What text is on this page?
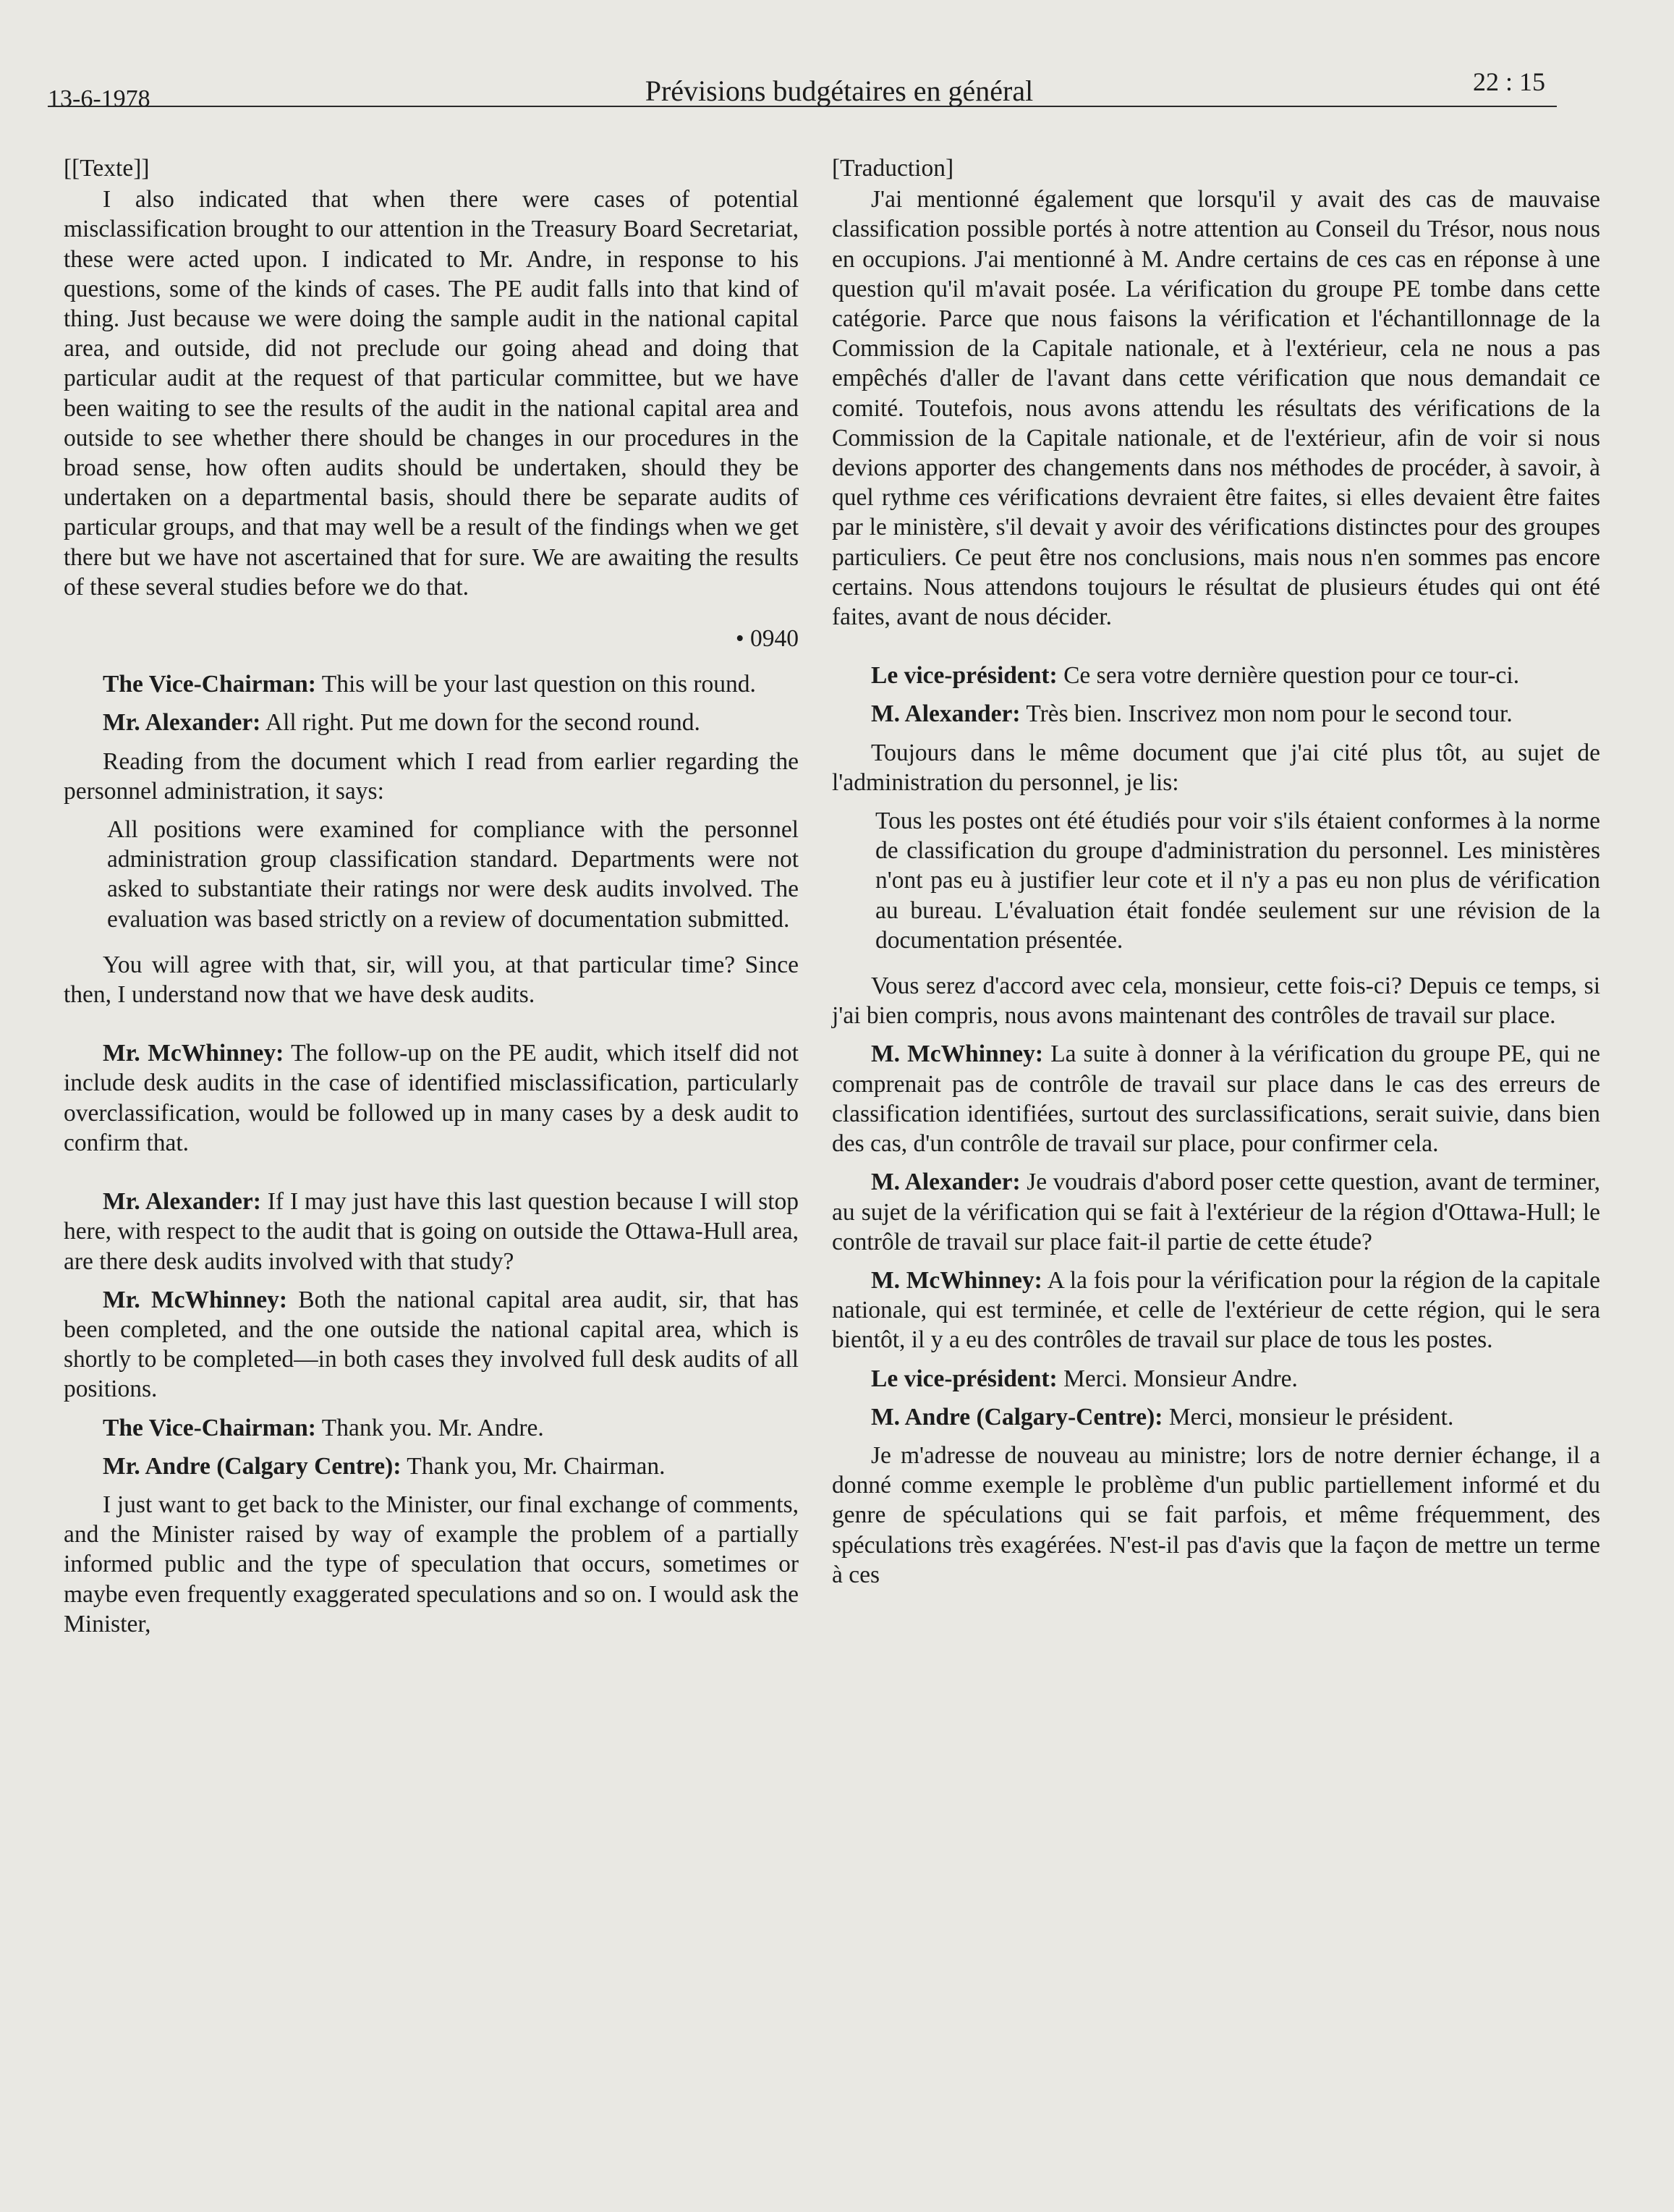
13-6-1978	Prévisions budgétaires en général	22 : 15

[[Texte]]

I also indicated that when there were cases of potential misclassification brought to our attention in the Treasury Board Secretariat, these were acted upon. I indicated to Mr. Andre, in response to his questions, some of the kinds of cases. The PE audit falls into that kind of thing. Just because we were doing the sample audit in the national capital area, and outside, did not preclude our going ahead and doing that particular audit at the request of that particular committee, but we have been waiting to see the results of the audit in the national capital area and outside to see whether there should be changes in our procedures in the broad sense, how often audits should be undertaken, should they be undertaken on a departmental basis, should there be separate audits of particular groups, and that may well be a result of the findings when we get there but we have not ascertained that for sure. We are awaiting the results of these several studies before we do that.

• 0940

The Vice-Chairman: This will be your last question on this round.

Mr. Alexander: All right. Put me down for the second round.

Reading from the document which I read from earlier regarding the personnel administration, it says:

All positions were examined for compliance with the personnel administration group classification standard. Departments were not asked to substantiate their ratings nor were desk audits involved. The evaluation was based strictly on a review of documentation submitted.

You will agree with that, sir, will you, at that particular time? Since then, I understand now that we have desk audits.

Mr. McWhinney: The follow-up on the PE audit, which itself did not include desk audits in the case of identified misclassification, particularly overclassification, would be followed up in many cases by a desk audit to confirm that.

Mr. Alexander: If I may just have this last question because I will stop here, with respect to the audit that is going on outside the Ottawa-Hull area, are there desk audits involved with that study?

Mr. McWhinney: Both the national capital area audit, sir, that has been completed, and the one outside the national capital area, which is shortly to be completed—in both cases they involved full desk audits of all positions.

The Vice-Chairman: Thank you. Mr. Andre.

Mr. Andre (Calgary Centre): Thank you, Mr. Chairman.

I just want to get back to the Minister, our final exchange of comments, and the Minister raised by way of example the problem of a partially informed public and the type of speculation that occurs, sometimes or maybe even frequently exaggerated speculations and so on. I would ask the Minister,

[Traduction]

J'ai mentionné également que lorsqu'il y avait des cas de mauvaise classification possible portés à notre attention au Conseil du Trésor, nous nous en occupions. J'ai mentionné à M. Andre certains de ces cas en réponse à une question qu'il m'avait posée. La vérification du groupe PE tombe dans cette catégorie. Parce que nous faisons la vérification et l'échantillonnage de la Commission de la Capitale nationale, et à l'extérieur, cela ne nous a pas empêchés d'aller de l'avant dans cette vérification que nous demandait ce comité. Toutefois, nous avons attendu les résultats des vérifications de la Commission de la Capitale nationale, et de l'extérieur, afin de voir si nous devions apporter des changements dans nos méthodes de procéder, à savoir, à quel rythme ces vérifications devraient être faites, si elles devaient être faites par le ministère, s'il devait y avoir des vérifications distinctes pour des groupes particuliers. Ce peut être nos conclusions, mais nous n'en sommes pas encore certains. Nous attendons toujours le résultat de plusieurs études qui ont été faites, avant de nous décider.

Le vice-président: Ce sera votre dernière question pour ce tour-ci.

M. Alexander: Très bien. Inscrivez mon nom pour le second tour.

Toujours dans le même document que j'ai cité plus tôt, au sujet de l'administration du personnel, je lis:

Tous les postes ont été étudiés pour voir s'ils étaient conformes à la norme de classification du groupe d'administration du personnel. Les ministères n'ont pas eu à justifier leur cote et il n'y a pas eu non plus de vérification au bureau. L'évaluation était fondée seulement sur une révision de la documentation présentée.

Vous serez d'accord avec cela, monsieur, cette fois-ci? Depuis ce temps, si j'ai bien compris, nous avons maintenant des contrôles de travail sur place.

M. McWhinney: La suite à donner à la vérification du groupe PE, qui ne comprenait pas de contrôle de travail sur place dans le cas des erreurs de classification identifiées, surtout des surclassifications, serait suivie, dans bien des cas, d'un contrôle de travail sur place, pour confirmer cela.

M. Alexander: Je voudrais d'abord poser cette question, avant de terminer, au sujet de la vérification qui se fait à l'extérieur de la région d'Ottawa-Hull; le contrôle de travail sur place fait-il partie de cette étude?

M. McWhinney: A la fois pour la vérification pour la région de la capitale nationale, qui est terminée, et celle de l'extérieur de cette région, qui le sera bientôt, il y a eu des contrôles de travail sur place de tous les postes.

Le vice-président: Merci. Monsieur Andre.

M. Andre (Calgary-Centre): Merci, monsieur le président.

Je m'adresse de nouveau au ministre; lors de notre dernier échange, il a donné comme exemple le problème d'un public partiellement informé et du genre de spéculations qui se fait parfois, et même fréquemment, des spéculations très exagérées. N'est-il pas d'avis que la façon de mettre un terme à ces
